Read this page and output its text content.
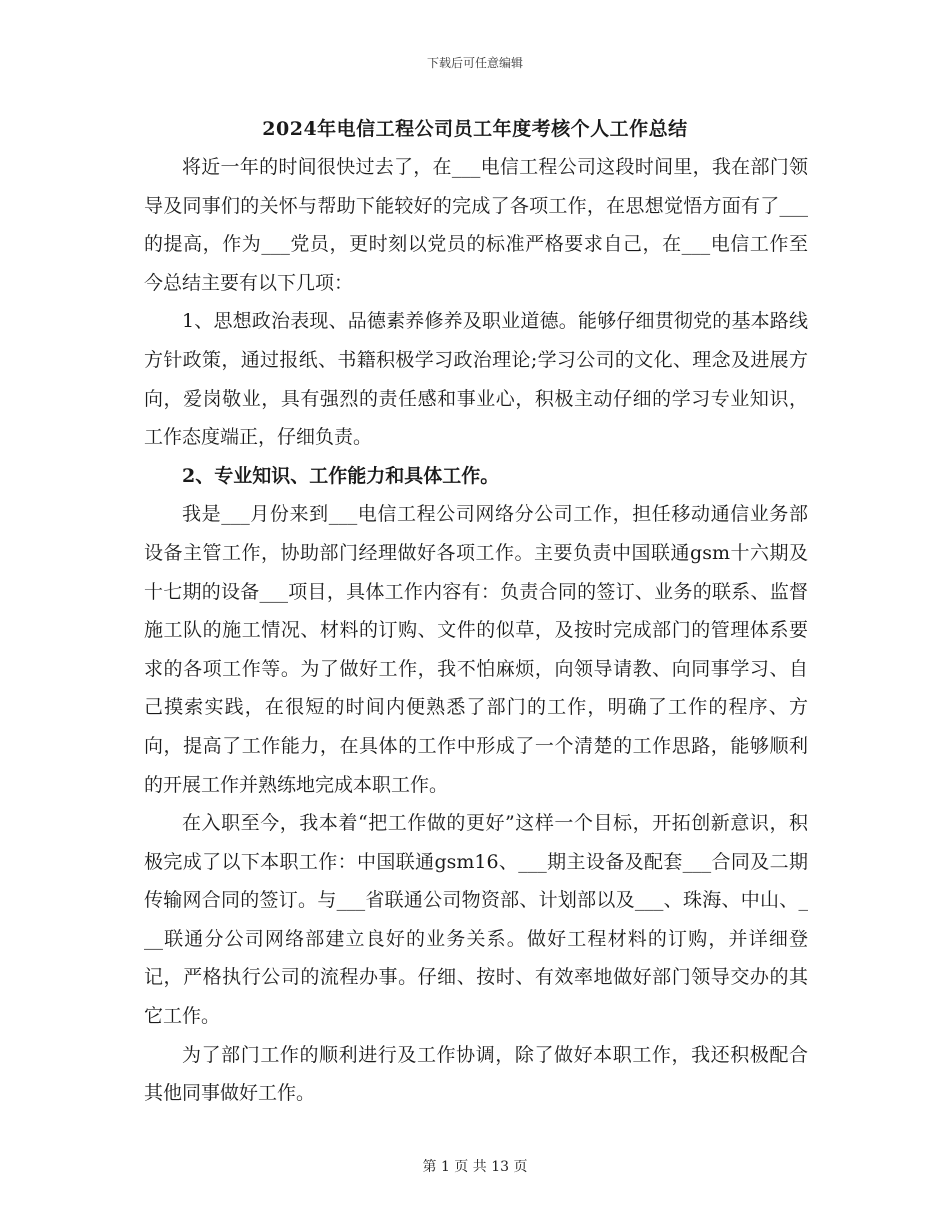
下载后可任意编辑
2024年电信工程公司员工年度考核个人工作总结

将近一年的时间很快过去了，在___电信工程公司这段时间里，我在部门领导及同事们的关怀与帮助下能较好的完成了各项工作，在思想觉悟方面有了___的提高，作为___党员，更时刻以党员的标准严格要求自己，在___电信工作至今总结主要有以下几项：

1、思想政治表现、品德素养修养及职业道德。能够仔细贯彻党的基本路线方针政策，通过报纸、书籍积极学习政治理论;学习公司的文化、理念及进展方向，爱岗敬业，具有强烈的责任感和事业心，积极主动仔细的学习专业知识，工作态度端正，仔细负责。

2、专业知识、工作能力和具体工作。

我是___月份来到___电信工程公司网络分公司工作，担任移动通信业务部设备主管工作，协助部门经理做好各项工作。主要负责中国联通gsm十六期及十七期的设备___项目，具体工作内容有：负责合同的签订、业务的联系、监督施工队的施工情况、材料的订购、文件的似草，及按时完成部门的管理体系要求的各项工作等。为了做好工作，我不怕麻烦，向领导请教、向同事学习、自己摸索实践，在很短的时间内便熟悉了部门的工作，明确了工作的程序、方向，提高了工作能力，在具体的工作中形成了一个清楚的工作思路，能够顺利的开展工作并熟练地完成本职工作。

在入职至今，我本着“把工作做的更好”这样一个目标，开拓创新意识，积极完成了以下本职工作：中国联通gsm16、___期主设备及配套___合同及二期传输网合同的签订。与___省联通公司物资部、计划部以及___、珠海、中山、___联通分公司网络部建立良好的业务关系。做好工程材料的订购，并详细登记，严格执行公司的流程办事。仔细、按时、有效率地做好部门领导交办的其它工作。

为了部门工作的顺利进行及工作协调，除了做好本职工作，我还积极配合其他同事做好工作。

第 1 页 共 13 页
